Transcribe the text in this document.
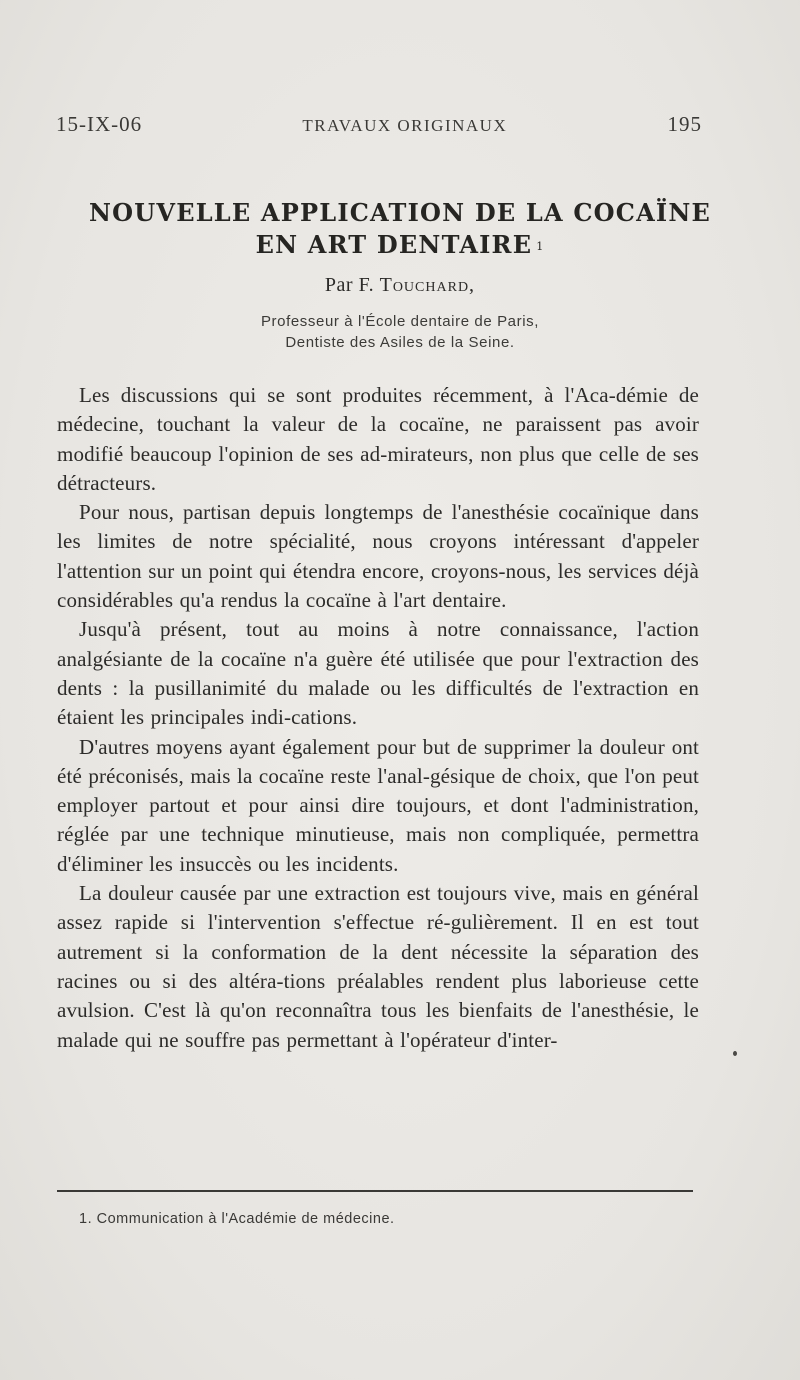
15-IX-06	TRAVAUX ORIGINAUX	195
NOUVELLE APPLICATION DE LA COCAÏNE
EN ART DENTAIRE $^1$
Par F. Touchard,
Professeur à l'École dentaire de Paris,
Dentiste des Asiles de la Seine.

Les discussions qui se sont produites récemment, à l'Aca-démie de médecine, touchant la valeur de la cocaïne, ne paraissent pas avoir modifié beaucoup l'opinion de ses ad-mirateurs, non plus que celle de ses détracteurs.

Pour nous, partisan depuis longtemps de l'anesthésie cocaïnique dans les limites de notre spécialité, nous croyons intéressant d'appeler l'attention sur un point qui étendra encore, croyons-nous, les services déjà considérables qu'a rendus la cocaïne à l'art dentaire.

Jusqu'à présent, tout au moins à notre connaissance, l'action analgésiante de la cocaïne n'a guère été utilisée que pour l'extraction des dents : la pusillanimité du malade ou les difficultés de l'extraction en étaient les principales indi-cations.

D'autres moyens ayant également pour but de supprimer la douleur ont été préconisés, mais la cocaïne reste l'anal-gésique de choix, que l'on peut employer partout et pour ainsi dire toujours, et dont l'administration, réglée par une technique minutieuse, mais non compliquée, permettra d'éliminer les insuccès ou les incidents.

La douleur causée par une extraction est toujours vive, mais en général assez rapide si l'intervention s'effectue ré-gulièrement. Il en est tout autrement si la conformation de la dent nécessite la séparation des racines ou si des altéra-tions préalables rendent plus laborieuse cette avulsion. C'est là qu'on reconnaîtra tous les bienfaits de l'anesthésie, le malade qui ne souffre pas permettant à l'opérateur d'inter-

1. Communication à l'Académie de médecine.
